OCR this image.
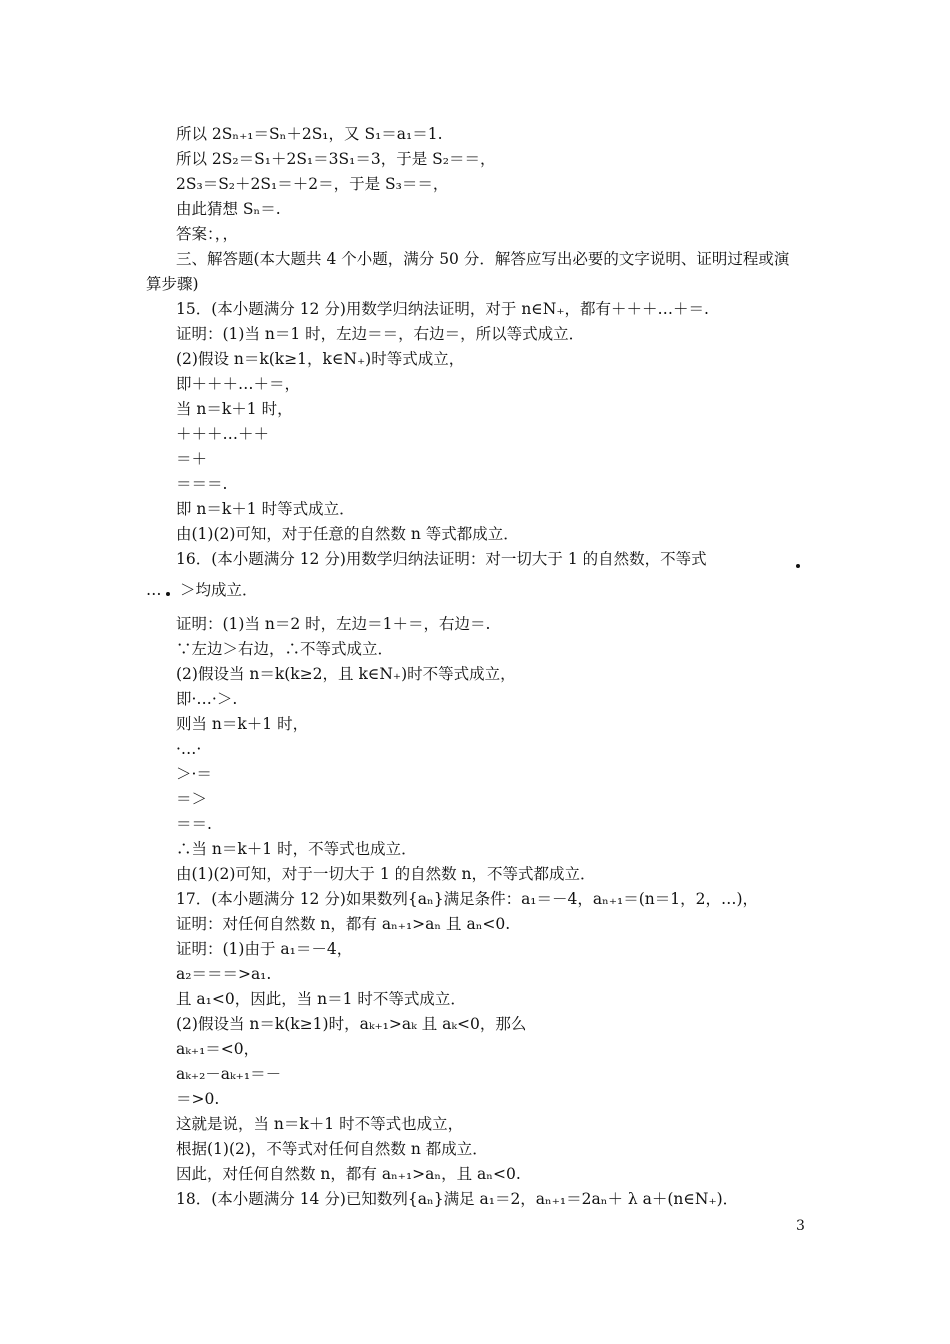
所以 2Sₙ₊₁＝Sₙ＋2S₁，又 S₁＝a₁＝1.
所以 2S₂＝S₁＋2S₁＝3S₁＝3，于是 S₂＝＝，
2S₃＝S₂＋2S₁＝＋2＝，于是 S₃＝＝，
由此猜想 Sₙ＝.
答案：，，
三、解答题(本大题共 4 个小题，满分 50 分．解答应写出必要的文字说明、证明过程或演
算步骤)
15．(本小题满分 12 分)用数学归纳法证明，对于 n∈N₊，都有＋＋＋…＋＝.
证明：(1)当 n＝1 时，左边＝＝，右边＝，所以等式成立．
(2)假设 n＝k(k≥1，k∈N₊)时等式成立，
即＋＋＋…＋＝，
当 n＝k＋1 时，
＋＋＋…＋＋
＝＋
＝＝＝.
即 n＝k＋1 时等式成立．
由(1)(2)可知，对于任意的自然数 n 等式都成立．
16．(本小题满分 12 分)用数学归纳法证明：对一切大于 1 的自然数，不等式
… ＞均成立．
证明：(1)当 n＝2 时，左边＝1＋＝，右边＝.
∵左边＞右边，∴不等式成立．
(2)假设当 n＝k(k≥2，且 k∈N₊)时不等式成立，
即·…·＞.
则当 n＝k＋1 时，
·…·
＞·＝
＝＞
＝＝.
∴当 n＝k＋1 时，不等式也成立．
由(1)(2)可知，对于一切大于 1 的自然数 n，不等式都成立．
17．(本小题满分 12 分)如果数列{aₙ}满足条件：a₁＝－4，aₙ₊₁＝(n＝1，2，…)，
证明：对任何自然数 n，都有 aₙ₊₁>aₙ 且 aₙ<0.
证明：(1)由于 a₁＝－4，
a₂＝＝＝>a₁.
且 a₁<0，因此，当 n＝1 时不等式成立．
(2)假设当 n＝k(k≥1)时，aₖ₊₁>aₖ 且 aₖ<0，那么
aₖ₊₁＝<0，
aₖ₊₂－aₖ₊₁＝－
＝>0.
这就是说，当 n＝k＋1 时不等式也成立，
根据(1)(2)，不等式对任何自然数 n 都成立．
因此，对任何自然数 n，都有 aₙ₊₁>aₙ，且 aₙ<0.
18．(本小题满分 14 分)已知数列{aₙ}满足 a₁＝2，aₙ₊₁＝2aₙ＋ λ a＋(n∈N₊)．
3
